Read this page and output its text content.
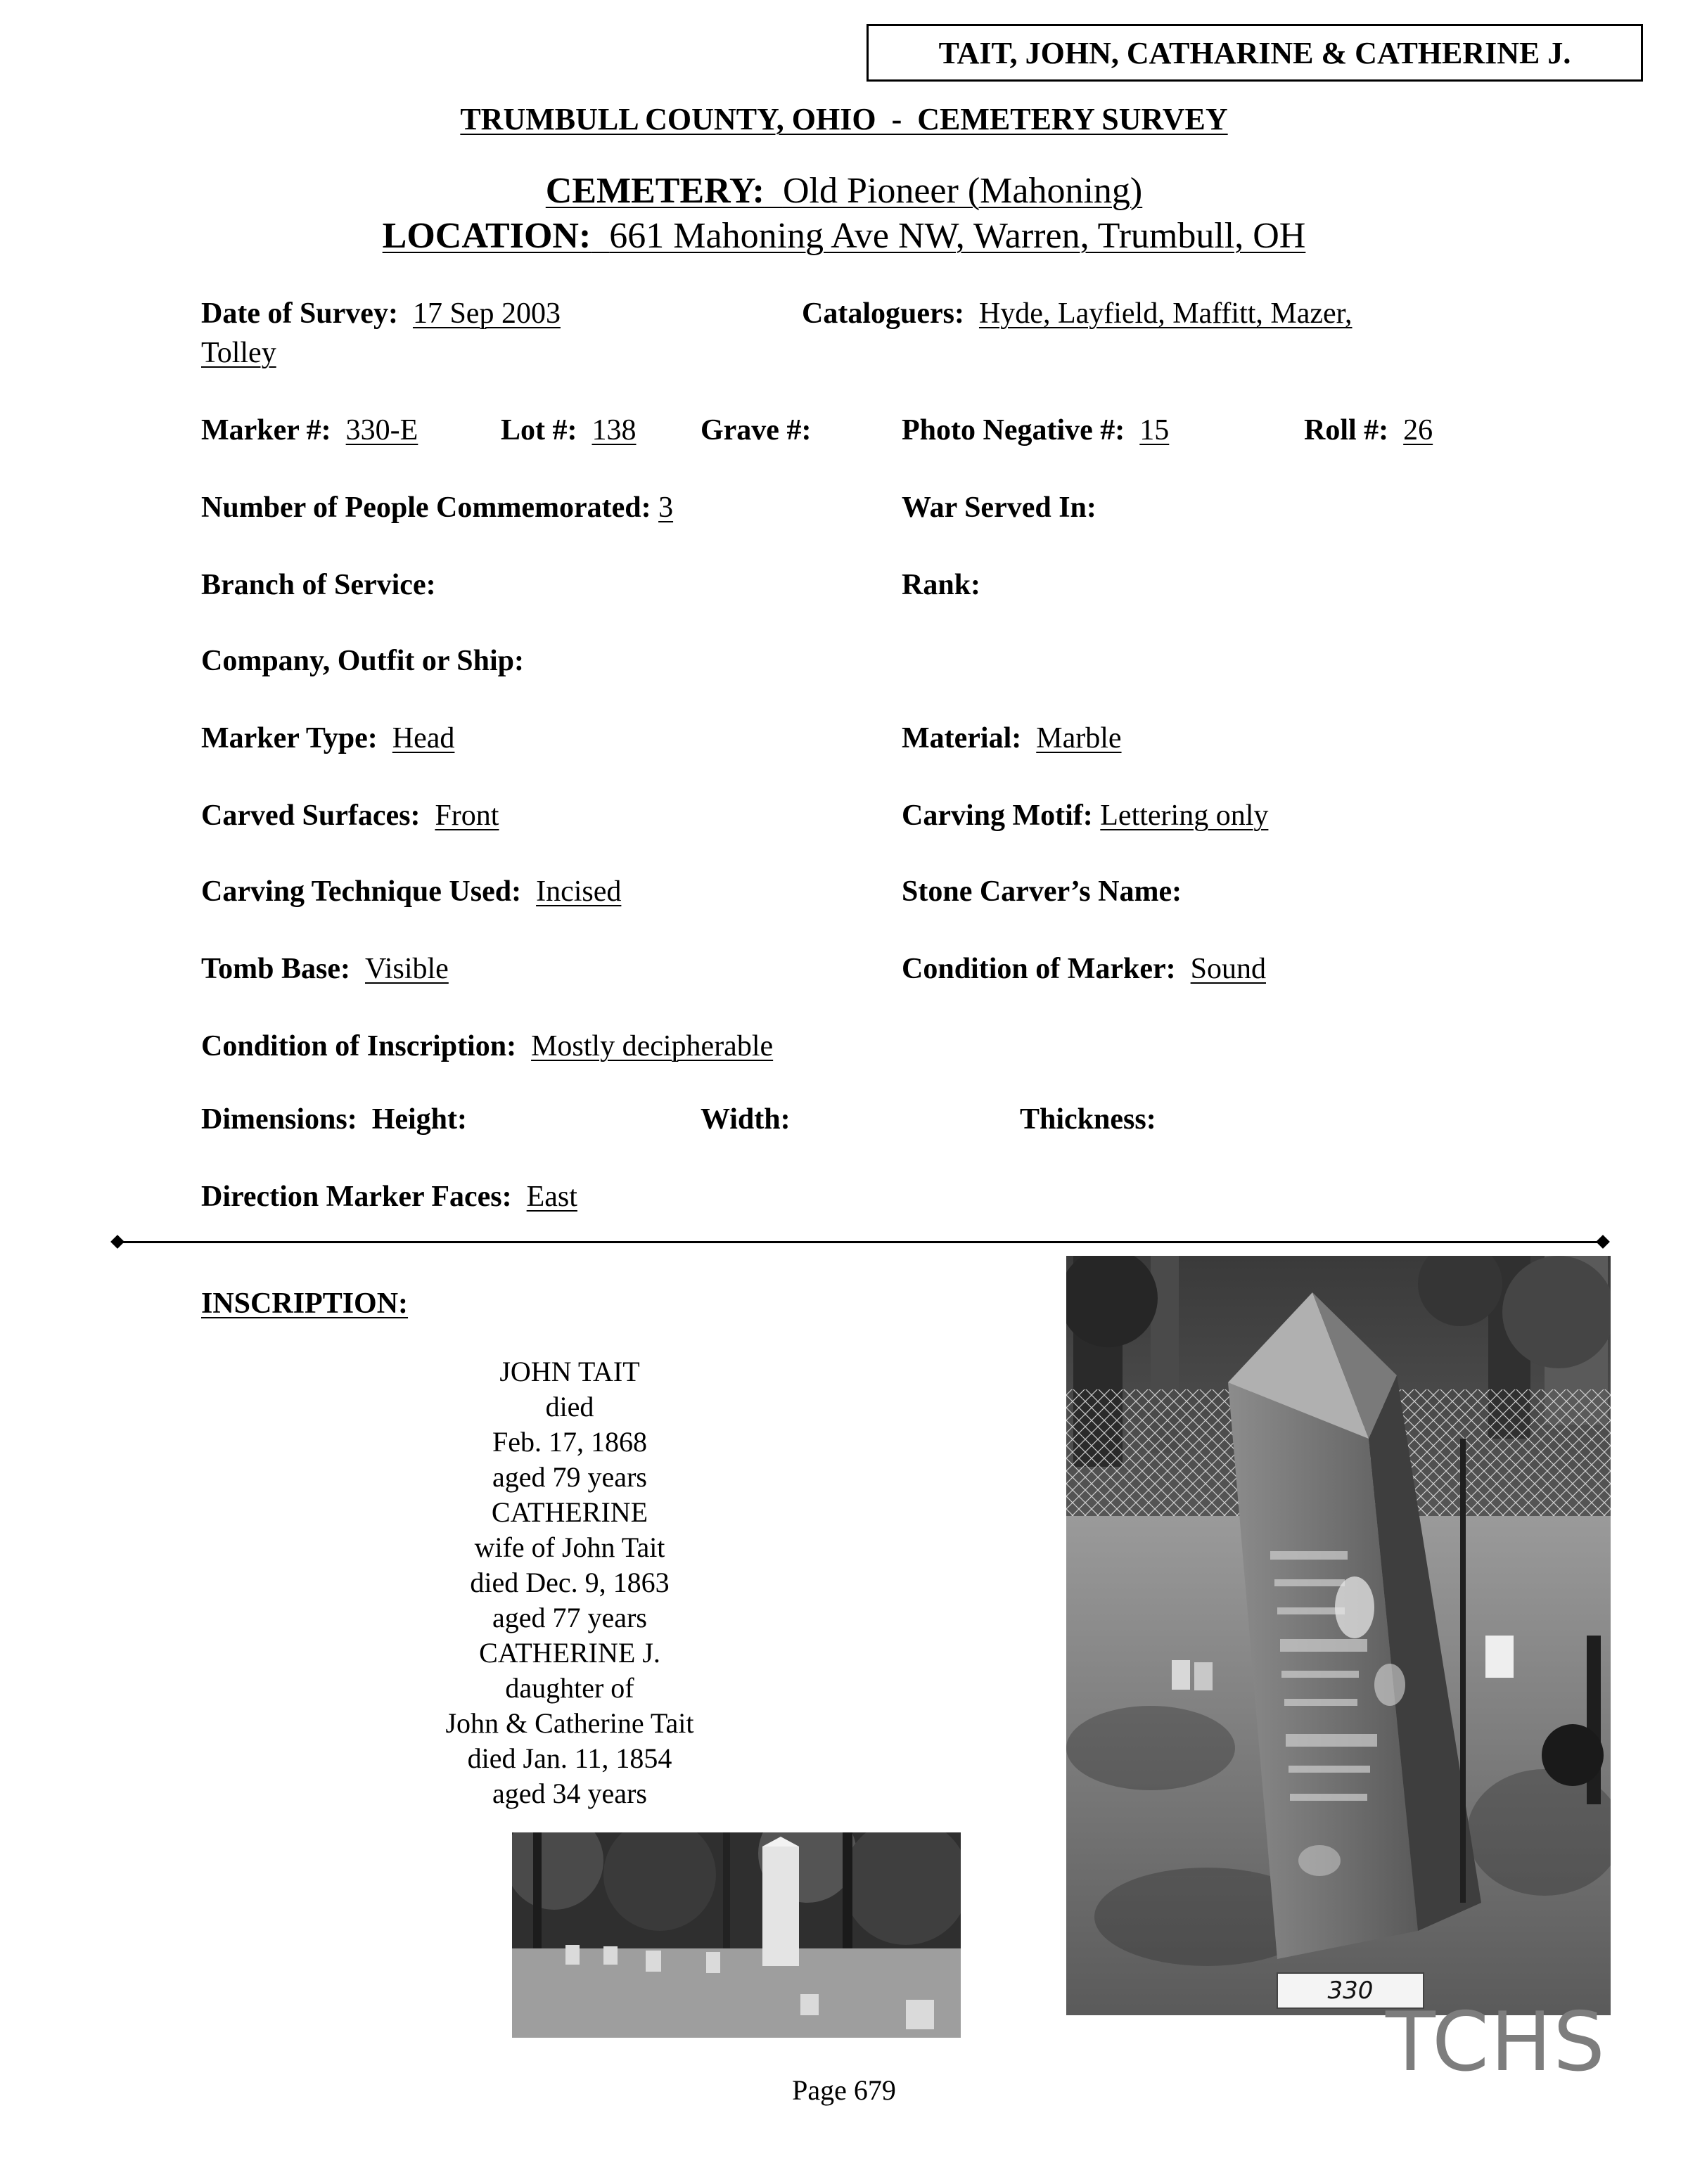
TAIT, JOHN, CATHARINE & CATHERINE J.
TRUMBULL COUNTY, OHIO  -  CEMETERY SURVEY
CEMETERY: Old Pioneer (Mahoning)
LOCATION: 661 Mahoning Ave NW, Warren, Trumbull, OH
Date of Survey: 17 Sep 2003	Cataloguers: Hyde, Layfield, Maffitt, Mazer,
Tolley
Marker #: 330-E	Lot #: 138 Grave #:	Photo Negative #: 15	Roll #: 26
Number of People Commemorated: 3	War Served In:
Branch of Service:	Rank:
Company, Outfit or Ship:
Marker Type: Head	Material: Marble
Carved Surfaces: Front	Carving Motif: Lettering only
Carving Technique Used: Incised	Stone Carver’s Name:
Tomb Base: Visible	Condition of Marker: Sound
Condition of Inscription: Mostly decipherable
Dimensions: Height:	Width:	Thickness:
Direction Marker Faces: East
INSCRIPTION:
JOHN TAIT
died
Feb. 17, 1868
aged 79 years
CATHERINE
wife of John Tait
died Dec. 9, 1863
aged 77 years
CATHERINE J.
daughter of
John & Catherine Tait
died Jan. 11, 1854
aged 34 years
330
Page 679
TCHS
